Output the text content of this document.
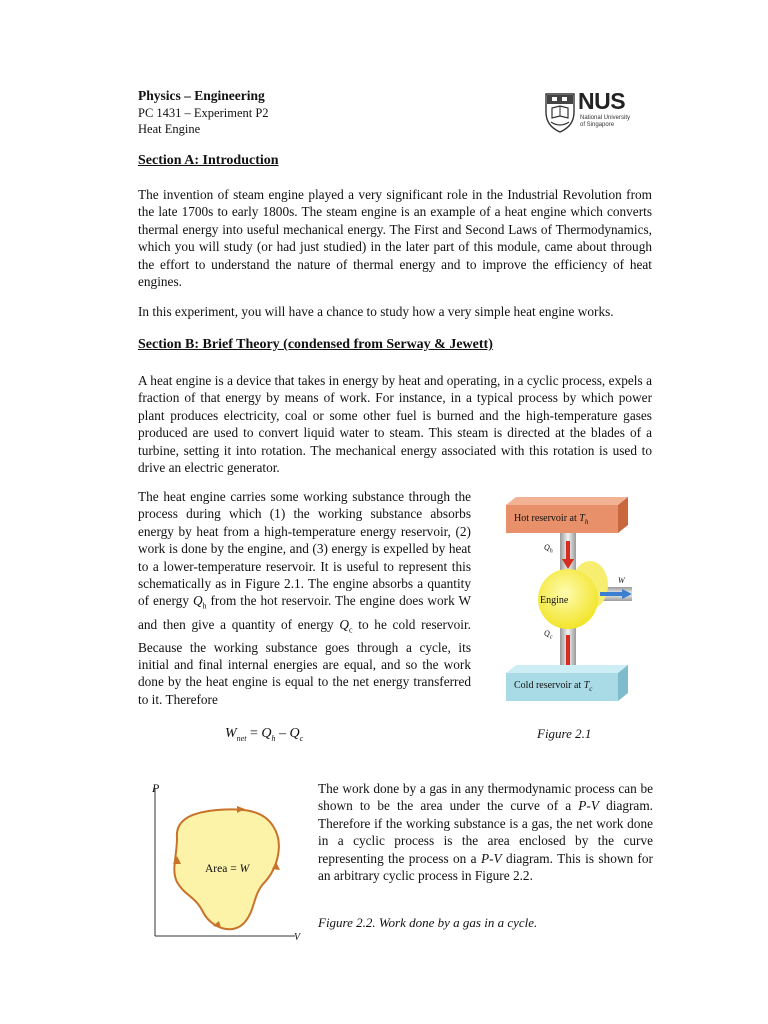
Physics – Engineering
PC 1431 – Experiment P2
Heat Engine
NUS
National University
of Singapore
Section A: Introduction
The invention of steam engine played a very significant role in the Industrial Revolution from the late 1700s to early 1800s. The steam engine is an example of a heat engine which converts thermal energy into useful mechanical energy. The First and Second Laws of Thermodynamics, which you will study (or had just studied) in the later part of this module, came about through the effort to understand the nature of thermal energy and to improve the efficiency of heat engines.
In this experiment, you will have a chance to study how a very simple heat engine works.
Section B: Brief Theory (condensed from Serway & Jewett)
A heat engine is a device that takes in energy by heat and operating, in a cyclic process, expels a fraction of that energy by means of work. For instance, in a typical process by which power plant produces electricity, coal or some other fuel is burned and the high-temperature gases produced are used to convert liquid water to steam. This steam is directed at the blades of a turbine, setting it into rotation. The mechanical energy associated with this rotation is used to drive an electric generator.
The heat engine carries some working substance through the process during which (1) the working substance absorbs energy by heat from a high-temperature energy reservoir, (2) work is done by the engine, and (3) energy is expelled by heat to a lower-temperature reservoir. It is useful to represent this schematically as in Figure 2.1. The engine absorbs a quantity of energy $Q_h$ from the hot reservoir. The engine does work W and then give a quantity of energy $Q_c$ to he cold reservoir. Because the working substance goes through a cycle, its initial and final internal energies are equal, and so the work done by the heat engine is equal to the net energy transferred to it. Therefore
$W_{net} = Q_h - Q_c$
Hot reservoir at $T_h$
$Q_h$
W
Engine
$Q_c$
Cold reservoir at $T_c$
Figure 2.1
P
V
Area = W
The work done by a gas in any thermodynamic process can be shown to be the area under the curve of a P-V diagram. Therefore if the working substance is a gas, the net work done in a cyclic process is the area enclosed by the curve representing the process on a P-V diagram. This is shown for an arbitrary cyclic process in Figure 2.2.
Figure 2.2. Work done by a gas in a cycle.
